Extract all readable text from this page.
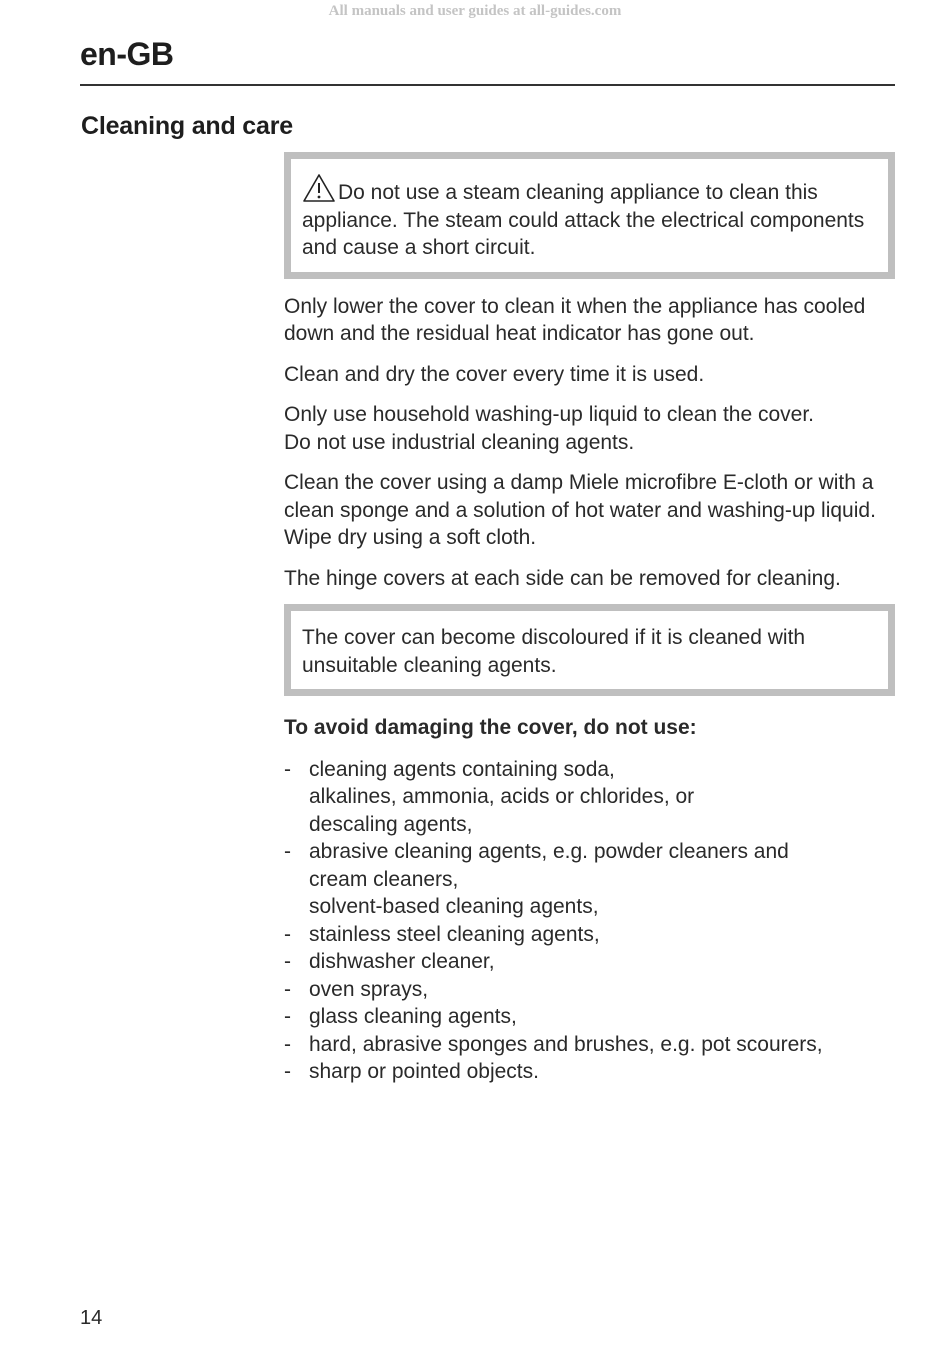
All manuals and user guides at all-guides.com
en-GB
Cleaning and care
Do not use a steam cleaning appliance to clean this appliance. The steam could attack the electrical components and cause a short circuit.

Only lower the cover to clean it when the appliance has cooled down and the residual heat indicator has gone out.

Clean and dry the cover every time it is used.

Only use household washing-up liquid to clean the cover.
Do not use industrial cleaning agents.

Clean the cover using a damp Miele microfibre E-cloth or with a clean sponge and a solution of hot water and washing-up liquid. Wipe dry using a soft cloth.

The hinge covers at each side can be removed for cleaning.

The cover can become discoloured if it is cleaned with unsuitable cleaning agents.

To avoid damaging the cover, do not use:

- cleaning agents containing soda,
alkalines, ammonia, acids or chlorides, or
descaling agents,
- abrasive cleaning agents, e.g. powder cleaners and
cream cleaners,
solvent-based cleaning agents,
- stainless steel cleaning agents,
- dishwasher cleaner,
- oven sprays,
- glass cleaning agents,
- hard, abrasive sponges and brushes, e.g. pot scourers,
- sharp or pointed objects.
14
